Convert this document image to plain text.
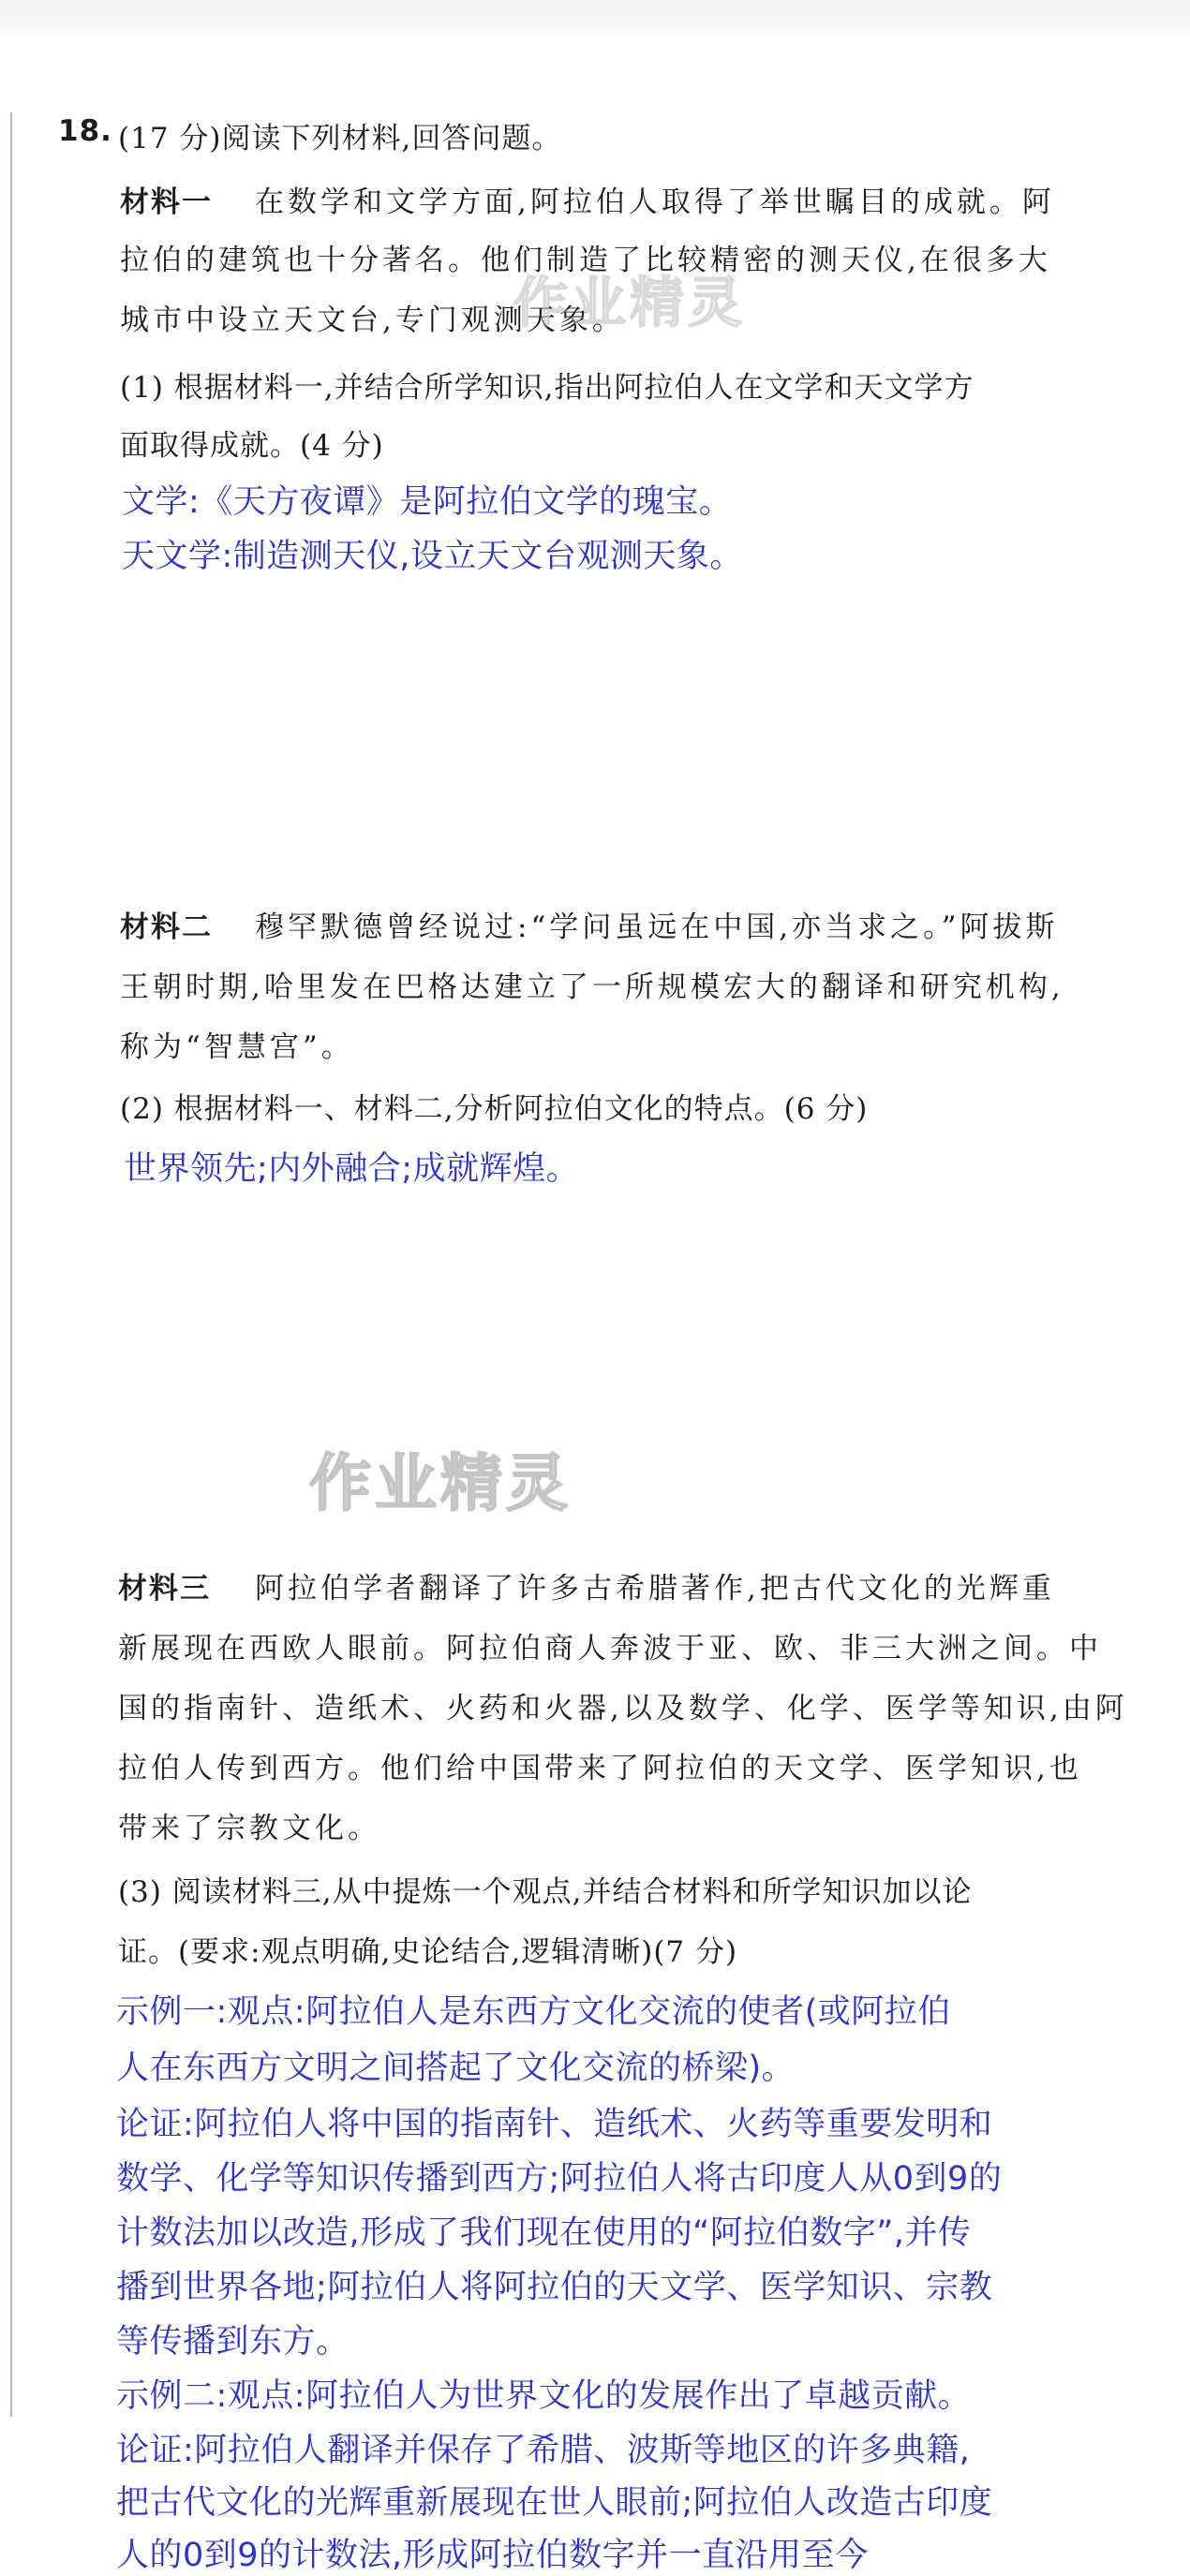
18. (17 分)阅读下列材料,回答问题。
材料一 在数学和文学方面,阿拉伯人取得了举世瞩目的成就。阿
拉伯的建筑也十分著名。他们制造了比较精密的测天仪,在很多大
城市中设立天文台,专门观测天象。
(1) 根据材料一,并结合所学知识,指出阿拉伯人在文学和天文学方
面取得成就。(4 分)
文学:《天方夜谭》是阿拉伯文学的瑰宝。
天文学:制造测天仪,设立天文台观测天象。
材料二 穆罕默德曾经说过:“学问虽远在中国,亦当求之。”阿拔斯
王朝时期,哈里发在巴格达建立了一所规模宏大的翻译和研究机构,
称为“智慧宫”。
(2) 根据材料一、材料二,分析阿拉伯文化的特点。(6 分)
世界领先;内外融合;成就辉煌。
作业精灵
作业精灵
材料三 阿拉伯学者翻译了许多古希腊著作,把古代文化的光辉重
新展现在西欧人眼前。阿拉伯商人奔波于亚、欧、非三大洲之间。中
国的指南针、造纸术、火药和火器,以及数学、化学、医学等知识,由阿
拉伯人传到西方。他们给中国带来了阿拉伯的天文学、医学知识,也
带来了宗教文化。
(3) 阅读材料三,从中提炼一个观点,并结合材料和所学知识加以论
证。(要求:观点明确,史论结合,逻辑清晰)(7 分)
示例一:观点:阿拉伯人是东西方文化交流的使者(或阿拉伯
人在东西方文明之间搭起了文化交流的桥梁)。
论证:阿拉伯人将中国的指南针、造纸术、火药等重要发明和
数学、化学等知识传播到西方;阿拉伯人将古印度人从0到9的
计数法加以改造,形成了我们现在使用的“阿拉伯数字”,并传
播到世界各地;阿拉伯人将阿拉伯的天文学、医学知识、宗教
等传播到东方。
示例二:观点:阿拉伯人为世界文化的发展作出了卓越贡献。
论证:阿拉伯人翻译并保存了希腊、波斯等地区的许多典籍,
把古代文化的光辉重新展现在世人眼前;阿拉伯人改造古印度
人的0到9的计数法,形成阿拉伯数字并一直沿用至今
